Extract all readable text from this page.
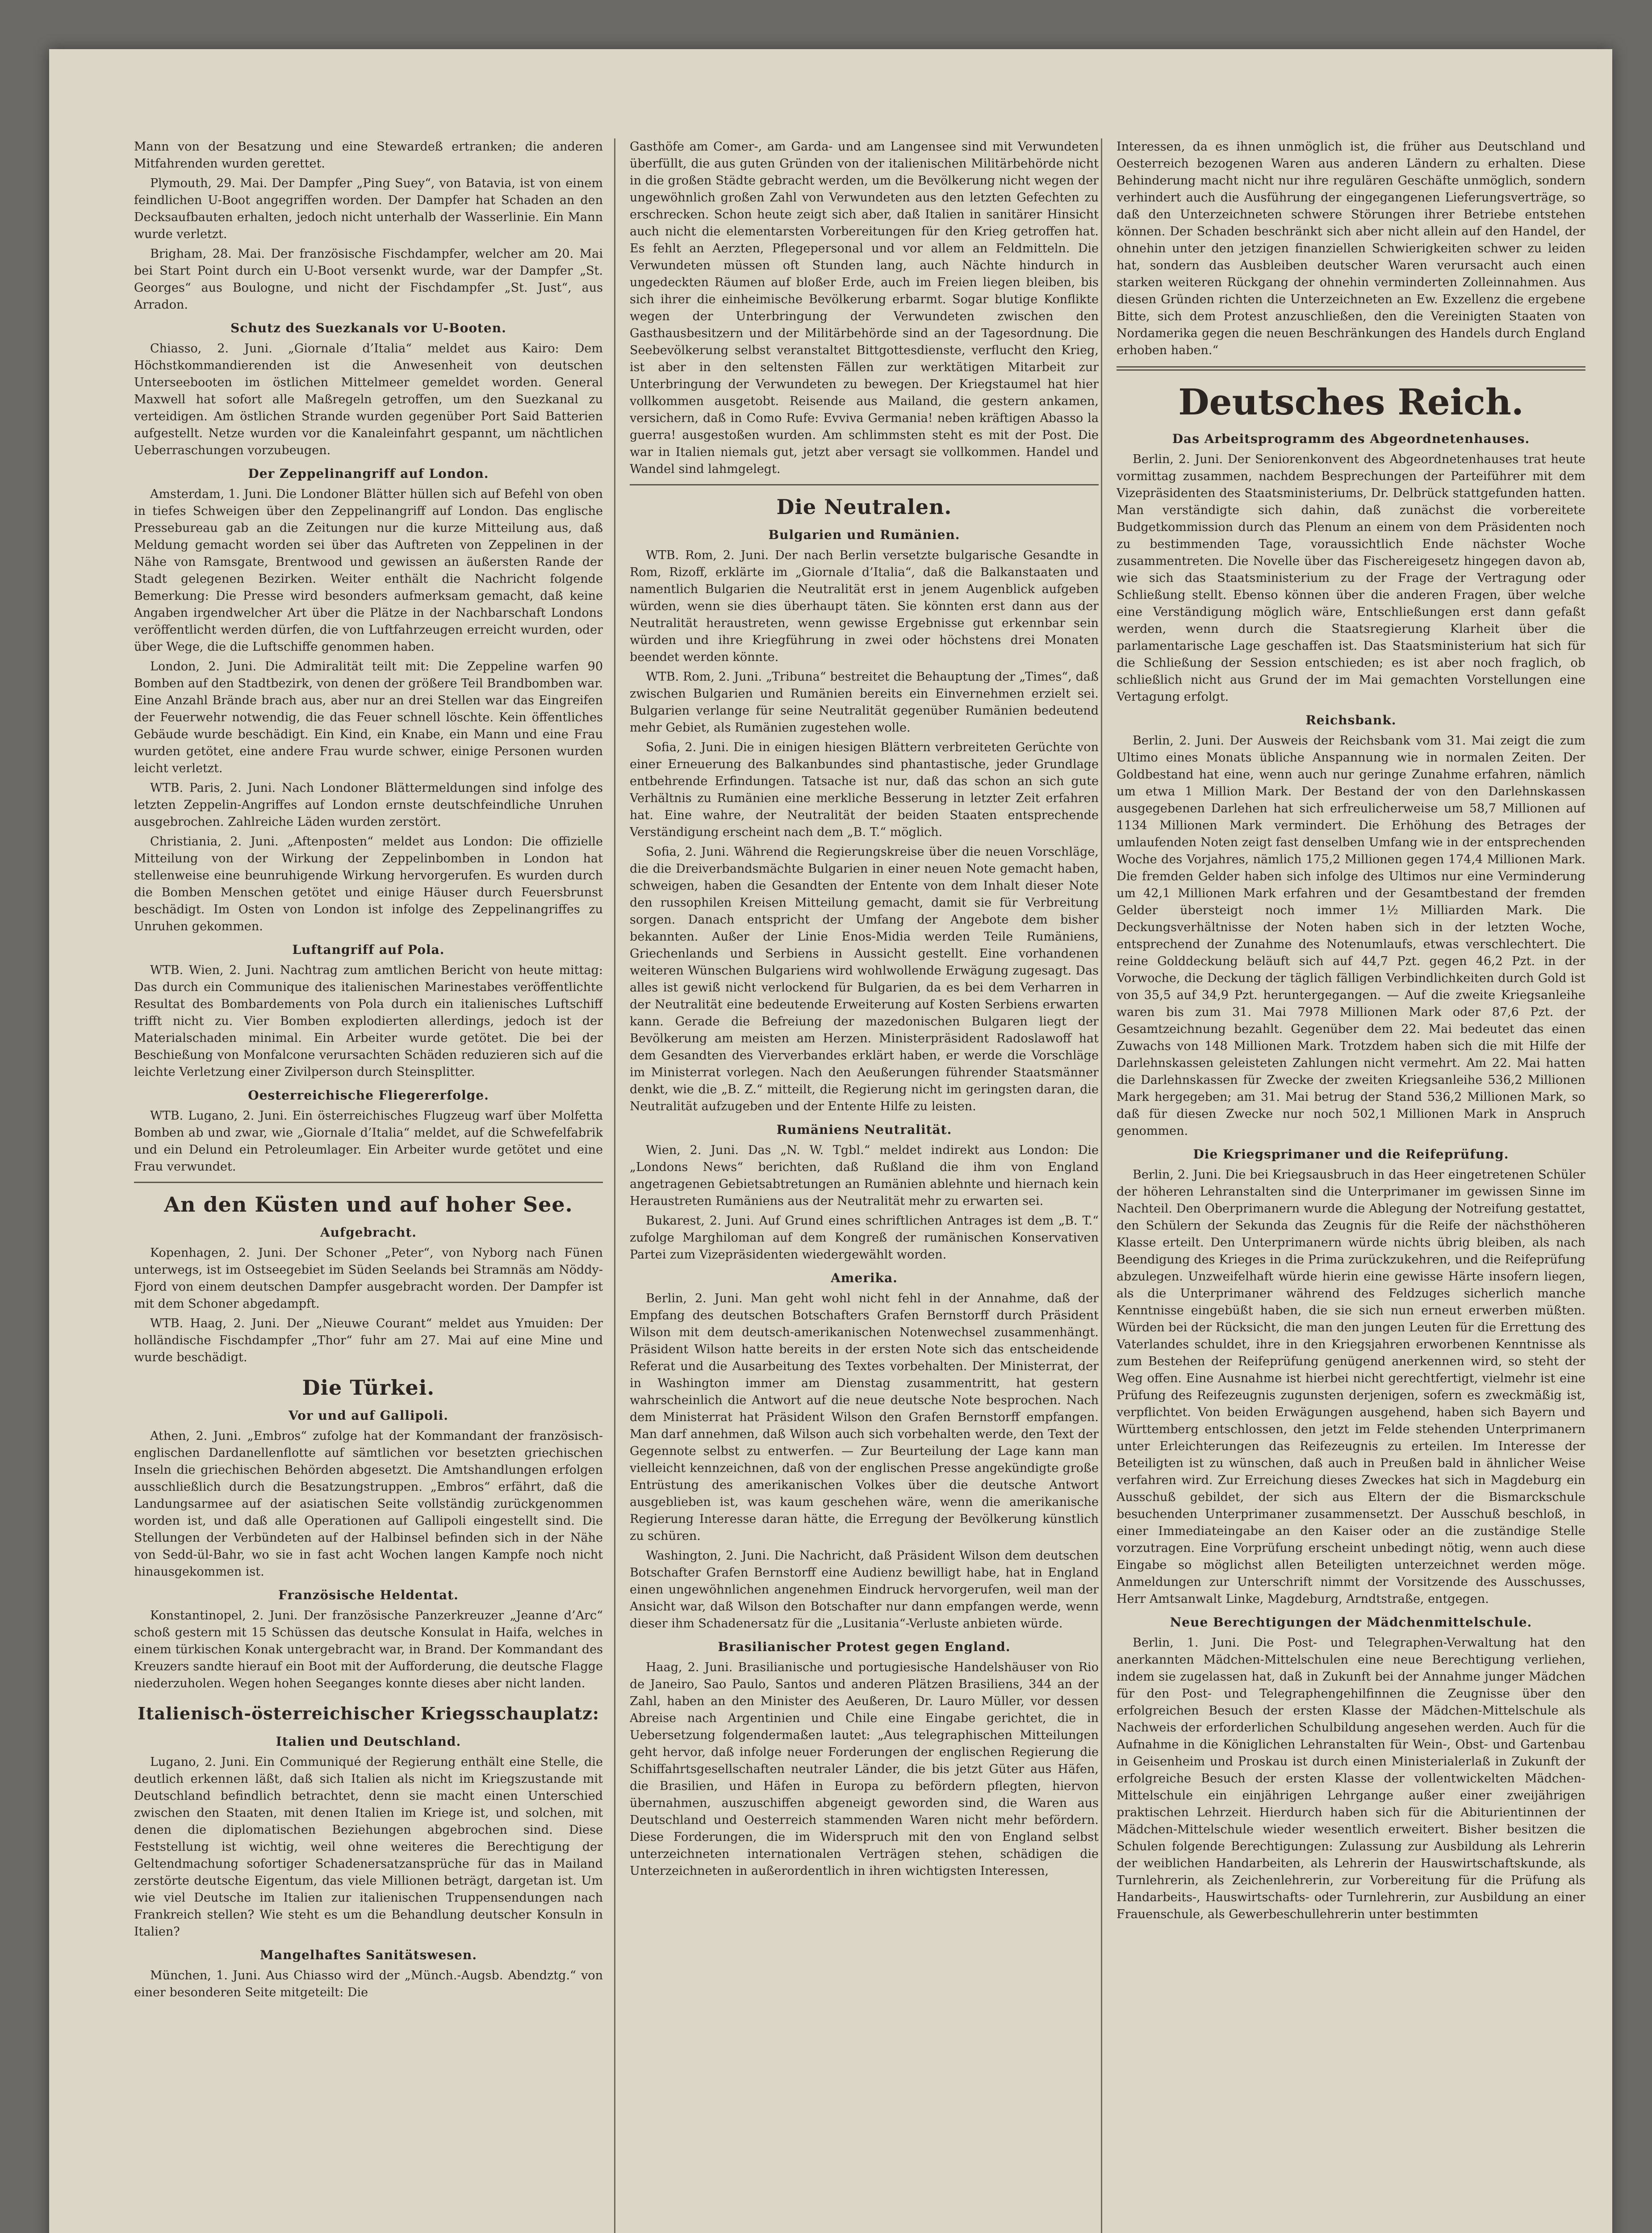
Mann von der Besatzung und eine Stewardeß ertranken; die anderen Mitfahrenden wurden gerettet.

Plymouth, 29. Mai. Der Dampfer „Ping Suey“, von Batavia, ist von einem feindlichen U-Boot angegriffen worden. Der Dampfer hat Schaden an den Decksaufbauten erhalten, jedoch nicht unterhalb der Wasserlinie. Ein Mann wurde verletzt.

Brigham, 28. Mai. Der französische Fischdampfer, welcher am 20. Mai bei Start Point durch ein U-Boot versenkt wurde, war der Dampfer „St. Georges“ aus Boulogne, und nicht der Fischdampfer „St. Just“, aus Arradon.

Schutz des Suezkanals vor U-Booten.

Chiasso, 2. Juni. „Giornale d’Italia“ meldet aus Kairo: Dem Höchstkommandierenden ist die Anwesenheit von deutschen Unterseebooten im östlichen Mittelmeer gemeldet worden. General Maxwell hat sofort alle Maßregeln getroffen, um den Suezkanal zu verteidigen. Am östlichen Strande wurden gegenüber Port Said Batterien aufgestellt. Netze wurden vor die Kanaleinfahrt gespannt, um nächtlichen Ueberraschungen vorzubeugen.

Der Zeppelinangriff auf London.

Amsterdam, 1. Juni. Die Londoner Blätter hüllen sich auf Befehl von oben in tiefes Schweigen über den Zeppelinangriff auf London. Das englische Pressebureau gab an die Zeitungen nur die kurze Mitteilung aus, daß Meldung gemacht worden sei über das Auftreten von Zeppelinen in der Nähe von Ramsgate, Brentwood und gewissen an äußersten Rande der Stadt gelegenen Bezirken. Weiter enthält die Nachricht folgende Bemerkung: Die Presse wird besonders aufmerksam gemacht, daß keine Angaben irgendwelcher Art über die Plätze in der Nachbarschaft Londons veröffentlicht werden dürfen, die von Luftfahrzeugen erreicht wurden, oder über Wege, die die Luftschiffe genommen haben.

London, 2. Juni. Die Admiralität teilt mit: Die Zeppeline warfen 90 Bomben auf den Stadtbezirk, von denen der größere Teil Brandbomben war. Eine Anzahl Brände brach aus, aber nur an drei Stellen war das Eingreifen der Feuerwehr notwendig, die das Feuer schnell löschte. Kein öffentliches Gebäude wurde beschädigt. Ein Kind, ein Knabe, ein Mann und eine Frau wurden getötet, eine andere Frau wurde schwer, einige Personen wurden leicht verletzt.

WTB. Paris, 2. Juni. Nach Londoner Blättermeldungen sind infolge des letzten Zeppelin-Angriffes auf London ernste deutschfeindliche Unruhen ausgebrochen. Zahlreiche Läden wurden zerstört.

Christiania, 2. Juni. „Aftenposten“ meldet aus London: Die offizielle Mitteilung von der Wirkung der Zeppelinbomben in London hat stellenweise eine beunruhigende Wirkung hervorgerufen. Es wurden durch die Bomben Menschen getötet und einige Häuser durch Feuersbrunst beschädigt. Im Osten von London ist infolge des Zeppelinangriffes zu Unruhen gekommen.

Luftangriff auf Pola.

WTB. Wien, 2. Juni. Nachtrag zum amtlichen Bericht von heute mittag: Das durch ein Communique des italienischen Marinestabes veröffentlichte Resultat des Bombardements von Pola durch ein italienisches Luftschiff trifft nicht zu. Vier Bomben explodierten allerdings, jedoch ist der Materialschaden minimal. Ein Arbeiter wurde getötet. Die bei der Beschießung von Monfalcone verursachten Schäden reduzieren sich auf die leichte Verletzung einer Zivilperson durch Steinsplitter.

Oesterreichische Fliegererfolge.

WTB. Lugano, 2. Juni. Ein österreichisches Flugzeug warf über Molfetta Bomben ab und zwar, wie „Giornale d’Italia“ meldet, auf die Schwefelfabrik und ein Delund ein Petroleumlager. Ein Arbeiter wurde getötet und eine Frau verwundet.

An den Küsten und auf hoher See.
Aufgebracht.

Kopenhagen, 2. Juni. Der Schoner „Peter“, von Nyborg nach Fünen unterwegs, ist im Ostseegebiet im Süden Seelands bei Stramnäs am Nöddy-Fjord von einem deutschen Dampfer ausgebracht worden. Der Dampfer ist mit dem Schoner abgedampft.

WTB. Haag, 2. Juni. Der „Nieuwe Courant“ meldet aus Ymuiden: Der holländische Fischdampfer „Thor“ fuhr am 27. Mai auf eine Mine und wurde beschädigt.

Die Türkei.
Vor und auf Gallipoli.

Athen, 2. Juni. „Embros“ zufolge hat der Kommandant der französisch-englischen Dardanellenflotte auf sämtlichen vor besetzten griechischen Inseln die griechischen Behörden abgesetzt. Die Amtshandlungen erfolgen ausschließlich durch die Besatzungstruppen. „Embros“ erfährt, daß die Landungsarmee auf der asiatischen Seite vollständig zurückgenommen worden ist, und daß alle Operationen auf Gallipoli eingestellt sind. Die Stellungen der Verbündeten auf der Halbinsel befinden sich in der Nähe von Sedd-ül-Bahr, wo sie in fast acht Wochen langen Kampfe noch nicht hinausgekommen ist.

Französische Heldentat.

Konstantinopel, 2. Juni. Der französische Panzerkreuzer „Jeanne d’Arc“ schoß gestern mit 15 Schüssen das deutsche Konsulat in Haifa, welches in einem türkischen Konak untergebracht war, in Brand. Der Kommandant des Kreuzers sandte hierauf ein Boot mit der Aufforderung, die deutsche Flagge niederzuholen. Wegen hohen Seeganges konnte dieses aber nicht landen.

Italienisch-österreichischer Kriegsschauplatz:
Italien und Deutschland.

Lugano, 2. Juni. Ein Communiqué der Regierung enthält eine Stelle, die deutlich erkennen läßt, daß sich Italien als nicht im Kriegszustande mit Deutschland befindlich betrachtet, denn sie macht einen Unterschied zwischen den Staaten, mit denen Italien im Kriege ist, und solchen, mit denen die diplomatischen Beziehungen abgebrochen sind. Diese Feststellung ist wichtig, weil ohne weiteres die Berechtigung der Geltendmachung sofortiger Schadenersatzansprüche für das in Mailand zerstörte deutsche Eigentum, das viele Millionen beträgt, dargetan ist. Um wie viel Deutsche im Italien zur italienischen Truppensendungen nach Frankreich stellen? Wie steht es um die Behandlung deutscher Konsuln in Italien?

Mangelhaftes Sanitätswesen.

München, 1. Juni. Aus Chiasso wird der „Münch.-Augsb. Abendztg.“ von einer besonderen Seite mitgeteilt: Die

Gasthöfe am Comer-, am Garda- und am Langensee sind mit Verwundeten überfüllt, die aus guten Gründen von der italienischen Militärbehörde nicht in die großen Städte gebracht werden, um die Bevölkerung nicht wegen der ungewöhnlich großen Zahl von Verwundeten aus den letzten Gefechten zu erschrecken. Schon heute zeigt sich aber, daß Italien in sanitärer Hinsicht auch nicht die elementarsten Vorbereitungen für den Krieg getroffen hat. Es fehlt an Aerzten, Pflegepersonal und vor allem an Feldmitteln. Die Verwundeten müssen oft Stunden lang, auch Nächte hindurch in ungedeckten Räumen auf bloßer Erde, auch im Freien liegen bleiben, bis sich ihrer die einheimische Bevölkerung erbarmt. Sogar blutige Konflikte wegen der Unterbringung der Verwundeten zwischen den Gasthausbesitzern und der Militärbehörde sind an der Tagesordnung. Die Seebevölkerung selbst veranstaltet Bittgottesdienste, verflucht den Krieg, ist aber in den seltensten Fällen zur werktätigen Mitarbeit zur Unterbringung der Verwundeten zu bewegen. Der Kriegstaumel hat hier vollkommen ausgetobt. Reisende aus Mailand, die gestern ankamen, versichern, daß in Como Rufe: Evviva Germania! neben kräftigen Abasso la guerra! ausgestoßen wurden. Am schlimmsten steht es mit der Post. Die war in Italien niemals gut, jetzt aber versagt sie vollkommen. Handel und Wandel sind lahmgelegt.

Die Neutralen.
Bulgarien und Rumänien.

WTB. Rom, 2. Juni. Der nach Berlin versetzte bulgarische Gesandte in Rom, Rizoff, erklärte im „Giornale d’Italia“, daß die Balkanstaaten und namentlich Bulgarien die Neutralität erst in jenem Augenblick aufgeben würden, wenn sie dies überhaupt täten. Sie könnten erst dann aus der Neutralität heraustreten, wenn gewisse Ergebnisse gut erkennbar sein würden und ihre Kriegführung in zwei oder höchstens drei Monaten beendet werden könnte.

WTB. Rom, 2. Juni. „Tribuna“ bestreitet die Behauptung der „Times“, daß zwischen Bulgarien und Rumänien bereits ein Einvernehmen erzielt sei. Bulgarien verlange für seine Neutralität gegenüber Rumänien bedeutend mehr Gebiet, als Rumänien zugestehen wolle.

Sofia, 2. Juni. Die in einigen hiesigen Blättern verbreiteten Gerüchte von einer Erneuerung des Balkanbundes sind phantastische, jeder Grundlage entbehrende Erfindungen. Tatsache ist nur, daß das schon an sich gute Verhältnis zu Rumänien eine merkliche Besserung in letzter Zeit erfahren hat. Eine wahre, der Neutralität der beiden Staaten entsprechende Verständigung erscheint nach dem „B. T.“ möglich.

Sofia, 2. Juni. Während die Regierungskreise über die neuen Vorschläge, die die Dreiverbandsmächte Bulgarien in einer neuen Note gemacht haben, schweigen, haben die Gesandten der Entente von dem Inhalt dieser Note den russophilen Kreisen Mitteilung gemacht, damit sie für Verbreitung sorgen. Danach entspricht der Umfang der Angebote dem bisher bekannten. Außer der Linie Enos-Midia werden Teile Rumäniens, Griechenlands und Serbiens in Aussicht gestellt. Eine vorhandenen weiteren Wünschen Bulgariens wird wohlwollende Erwägung zugesagt. Das alles ist gewiß nicht verlockend für Bulgarien, da es bei dem Verharren in der Neutralität eine bedeutende Erweiterung auf Kosten Serbiens erwarten kann. Gerade die Befreiung der mazedonischen Bulgaren liegt der Bevölkerung am meisten am Herzen. Ministerpräsident Radoslawoff hat dem Gesandten des Vierverbandes erklärt haben, er werde die Vorschläge im Ministerrat vorlegen. Nach den Aeußerungen führender Staatsmänner denkt, wie die „B. Z.“ mitteilt, die Regierung nicht im geringsten daran, die Neutralität aufzugeben und der Entente Hilfe zu leisten.

Rumäniens Neutralität.

Wien, 2. Juni. Das „N. W. Tgbl.“ meldet indirekt aus London: Die „Londons News“ berichten, daß Rußland die ihm von England angetragenen Gebietsabtretungen an Rumänien ablehnte und hiernach kein Heraustreten Rumäniens aus der Neutralität mehr zu erwarten sei.

Bukarest, 2. Juni. Auf Grund eines schriftlichen Antrages ist dem „B. T.“ zufolge Marghiloman auf dem Kongreß der rumänischen Konservativen Partei zum Vizepräsidenten wiedergewählt worden.

Amerika.

Berlin, 2. Juni. Man geht wohl nicht fehl in der Annahme, daß der Empfang des deutschen Botschafters Grafen Bernstorff durch Präsident Wilson mit dem deutsch-amerikanischen Notenwechsel zusammenhängt. Präsident Wilson hatte bereits in der ersten Note sich das entscheidende Referat und die Ausarbeitung des Textes vorbehalten. Der Ministerrat, der in Washington immer am Dienstag zusammentritt, hat gestern wahrscheinlich die Antwort auf die neue deutsche Note besprochen. Nach dem Ministerrat hat Präsident Wilson den Grafen Bernstorff empfangen. Man darf annehmen, daß Wilson auch sich vorbehalten werde, den Text der Gegennote selbst zu entwerfen. — Zur Beurteilung der Lage kann man vielleicht kennzeichnen, daß von der englischen Presse angekündigte große Entrüstung des amerikanischen Volkes über die deutsche Antwort ausgeblieben ist, was kaum geschehen wäre, wenn die amerikanische Regierung Interesse daran hätte, die Erregung der Bevölkerung künstlich zu schüren.

Washington, 2. Juni. Die Nachricht, daß Präsident Wilson dem deutschen Botschafter Grafen Bernstorff eine Audienz bewilligt habe, hat in England einen ungewöhnlichen angenehmen Eindruck hervorgerufen, weil man der Ansicht war, daß Wilson den Botschafter nur dann empfangen werde, wenn dieser ihm Schadenersatz für die „Lusitania“-Verluste anbieten würde.

Brasilianischer Protest gegen England.

Haag, 2. Juni. Brasilianische und portugiesische Handelshäuser von Rio de Janeiro, Sao Paulo, Santos und anderen Plätzen Brasiliens, 344 an der Zahl, haben an den Minister des Aeußeren, Dr. Lauro Müller, vor dessen Abreise nach Argentinien und Chile eine Eingabe gerichtet, die in Uebersetzung folgendermaßen lautet: „Aus telegraphischen Mitteilungen geht hervor, daß infolge neuer Forderungen der englischen Regierung die Schiffahrtsgesellschaften neutraler Länder, die bis jetzt Güter aus Häfen, die Brasilien, und Häfen in Europa zu befördern pflegten, hiervon übernahmen, auszuschiffen abgeneigt geworden sind, die Waren aus Deutschland und Oesterreich stammenden Waren nicht mehr befördern. Diese Forderungen, die im Widerspruch mit den von England selbst unterzeichneten internationalen Verträgen stehen, schädigen die Unterzeichneten in außerordentlich in ihren wichtigsten Interessen,

Interessen, da es ihnen unmöglich ist, die früher aus Deutschland und Oesterreich bezogenen Waren aus anderen Ländern zu erhalten. Diese Behinderung macht nicht nur ihre regulären Geschäfte unmöglich, sondern verhindert auch die Ausführung der eingegangenen Lieferungsverträge, so daß den Unterzeichneten schwere Störungen ihrer Betriebe entstehen können. Der Schaden beschränkt sich aber nicht allein auf den Handel, der ohnehin unter den jetzigen finanziellen Schwierigkeiten schwer zu leiden hat, sondern das Ausbleiben deutscher Waren verursacht auch einen starken weiteren Rückgang der ohnehin verminderten Zolleinnahmen. Aus diesen Gründen richten die Unterzeichneten an Ew. Exzellenz die ergebene Bitte, sich dem Protest anzuschließen, den die Vereinigten Staaten von Nordamerika gegen die neuen Beschränkungen des Handels durch England erhoben haben.“

Deutsches Reich.
Das Arbeitsprogramm des Abgeordnetenhauses.

Berlin, 2. Juni. Der Seniorenkonvent des Abgeordnetenhauses trat heute vormittag zusammen, nachdem Besprechungen der Parteiführer mit dem Vizepräsidenten des Staatsministeriums, Dr. Delbrück stattgefunden hatten. Man verständigte sich dahin, daß zunächst die vorbereitete Budgetkommission durch das Plenum an einem von dem Präsidenten noch zu bestimmenden Tage, voraussichtlich Ende nächster Woche zusammentreten. Die Novelle über das Fischereigesetz hingegen davon ab, wie sich das Staatsministerium zu der Frage der Vertragung oder Schließung stellt. Ebenso können über die anderen Fragen, über welche eine Verständigung möglich wäre, Entschließungen erst dann gefaßt werden, wenn durch die Staatsregierung Klarheit über die parlamentarische Lage geschaffen ist. Das Staatsministerium hat sich für die Schließung der Session entschieden; es ist aber noch fraglich, ob schließlich nicht aus Grund der im Mai gemachten Vorstellungen eine Vertagung erfolgt.

Reichsbank.

Berlin, 2. Juni. Der Ausweis der Reichsbank vom 31. Mai zeigt die zum Ultimo eines Monats übliche Anspannung wie in normalen Zeiten. Der Goldbestand hat eine, wenn auch nur geringe Zunahme erfahren, nämlich um etwa 1 Million Mark. Der Bestand der von den Darlehnskassen ausgegebenen Darlehen hat sich erfreulicherweise um 58,7 Millionen auf 1134 Millionen Mark vermindert. Die Erhöhung des Betrages der umlaufenden Noten zeigt fast denselben Umfang wie in der entsprechenden Woche des Vorjahres, nämlich 175,2 Millionen gegen 174,4 Millionen Mark. Die fremden Gelder haben sich infolge des Ultimos nur eine Verminderung um 42,1 Millionen Mark erfahren und der Gesamtbestand der fremden Gelder übersteigt noch immer 1½ Milliarden Mark. Die Deckungsverhältnisse der Noten haben sich in der letzten Woche, entsprechend der Zunahme des Notenumlaufs, etwas verschlechtert. Die reine Golddeckung beläuft sich auf 44,7 Pzt. gegen 46,2 Pzt. in der Vorwoche, die Deckung der täglich fälligen Verbindlichkeiten durch Gold ist von 35,5 auf 34,9 Pzt. heruntergegangen. — Auf die zweite Kriegsanleihe waren bis zum 31. Mai 7978 Millionen Mark oder 87,6 Pzt. der Gesamtzeichnung bezahlt. Gegenüber dem 22. Mai bedeutet das einen Zuwachs von 148 Millionen Mark. Trotzdem haben sich die mit Hilfe der Darlehnskassen geleisteten Zahlungen nicht vermehrt. Am 22. Mai hatten die Darlehnskassen für Zwecke der zweiten Kriegsanleihe 536,2 Millionen Mark hergegeben; am 31. Mai betrug der Stand 536,2 Millionen Mark, so daß für diesen Zwecke nur noch 502,1 Millionen Mark in Anspruch genommen.

Die Kriegsprimaner und die Reifeprüfung.

Berlin, 2. Juni. Die bei Kriegsausbruch in das Heer eingetretenen Schüler der höheren Lehranstalten sind die Unterprimaner im gewissen Sinne im Nachteil. Den Oberprimanern wurde die Ablegung der Notreifung gestattet, den Schülern der Sekunda das Zeugnis für die Reife der nächsthöheren Klasse erteilt. Den Unterprimanern würde nichts übrig bleiben, als nach Beendigung des Krieges in die Prima zurückzukehren, und die Reifeprüfung abzulegen. Unzweifelhaft würde hierin eine gewisse Härte insofern liegen, als die Unterprimaner während des Feldzuges sicherlich manche Kenntnisse eingebüßt haben, die sie sich nun erneut erwerben müßten. Würden bei der Rücksicht, die man den jungen Leuten für die Errettung des Vaterlandes schuldet, ihre in den Kriegsjahren erworbenen Kenntnisse als zum Bestehen der Reifeprüfung genügend anerkennen wird, so steht der Weg offen. Eine Ausnahme ist hierbei nicht gerechtfertigt, vielmehr ist eine Prüfung des Reifezeugnis zugunsten derjenigen, sofern es zweckmäßig ist, verpflichtet. Von beiden Erwägungen ausgehend, haben sich Bayern und Württemberg entschlossen, den jetzt im Felde stehenden Unterprimanern unter Erleichterungen das Reifezeugnis zu erteilen. Im Interesse der Beteiligten ist zu wünschen, daß auch in Preußen bald in ähnlicher Weise verfahren wird. Zur Erreichung dieses Zweckes hat sich in Magdeburg ein Ausschuß gebildet, der sich aus Eltern der die Bismarckschule besuchenden Unterprimaner zusammensetzt. Der Ausschuß beschloß, in einer Immediateingabe an den Kaiser oder an die zuständige Stelle vorzutragen. Eine Vorprüfung erscheint unbedingt nötig, wenn auch diese Eingabe so möglichst allen Beteiligten unterzeichnet werden möge. Anmeldungen zur Unterschrift nimmt der Vorsitzende des Ausschusses, Herr Amtsanwalt Linke, Magdeburg, Arndtstraße, entgegen.

Neue Berechtigungen der Mädchenmittelschule.

Berlin, 1. Juni. Die Post- und Telegraphen-Verwaltung hat den anerkannten Mädchen-Mittelschulen eine neue Berechtigung verliehen, indem sie zugelassen hat, daß in Zukunft bei der Annahme junger Mädchen für den Post- und Telegraphengehilfinnen die Zeugnisse über den erfolgreichen Besuch der ersten Klasse der Mädchen-Mittelschule als Nachweis der erforderlichen Schulbildung angesehen werden. Auch für die Aufnahme in die Königlichen Lehranstalten für Wein-, Obst- und Gartenbau in Geisenheim und Proskau ist durch einen Ministerialerlaß in Zukunft der erfolgreiche Besuch der ersten Klasse der vollentwickelten Mädchen-Mittelschule ein einjährigen Lehrgange außer einer zweijährigen praktischen Lehrzeit. Hierdurch haben sich für die Abiturientinnen der Mädchen-Mittelschule wieder wesentlich erweitert. Bisher besitzen die Schulen folgende Berechtigungen: Zulassung zur Ausbildung als Lehrerin der weiblichen Handarbeiten, als Lehrerin der Hauswirtschaftskunde, als Turnlehrerin, als Zeichenlehrerin, zur Vorbereitung für die Prüfung als Handarbeits-, Hauswirtschafts- oder Turnlehrerin, zur Ausbildung an einer Frauenschule, als Gewerbeschullehrerin unter bestimmten
